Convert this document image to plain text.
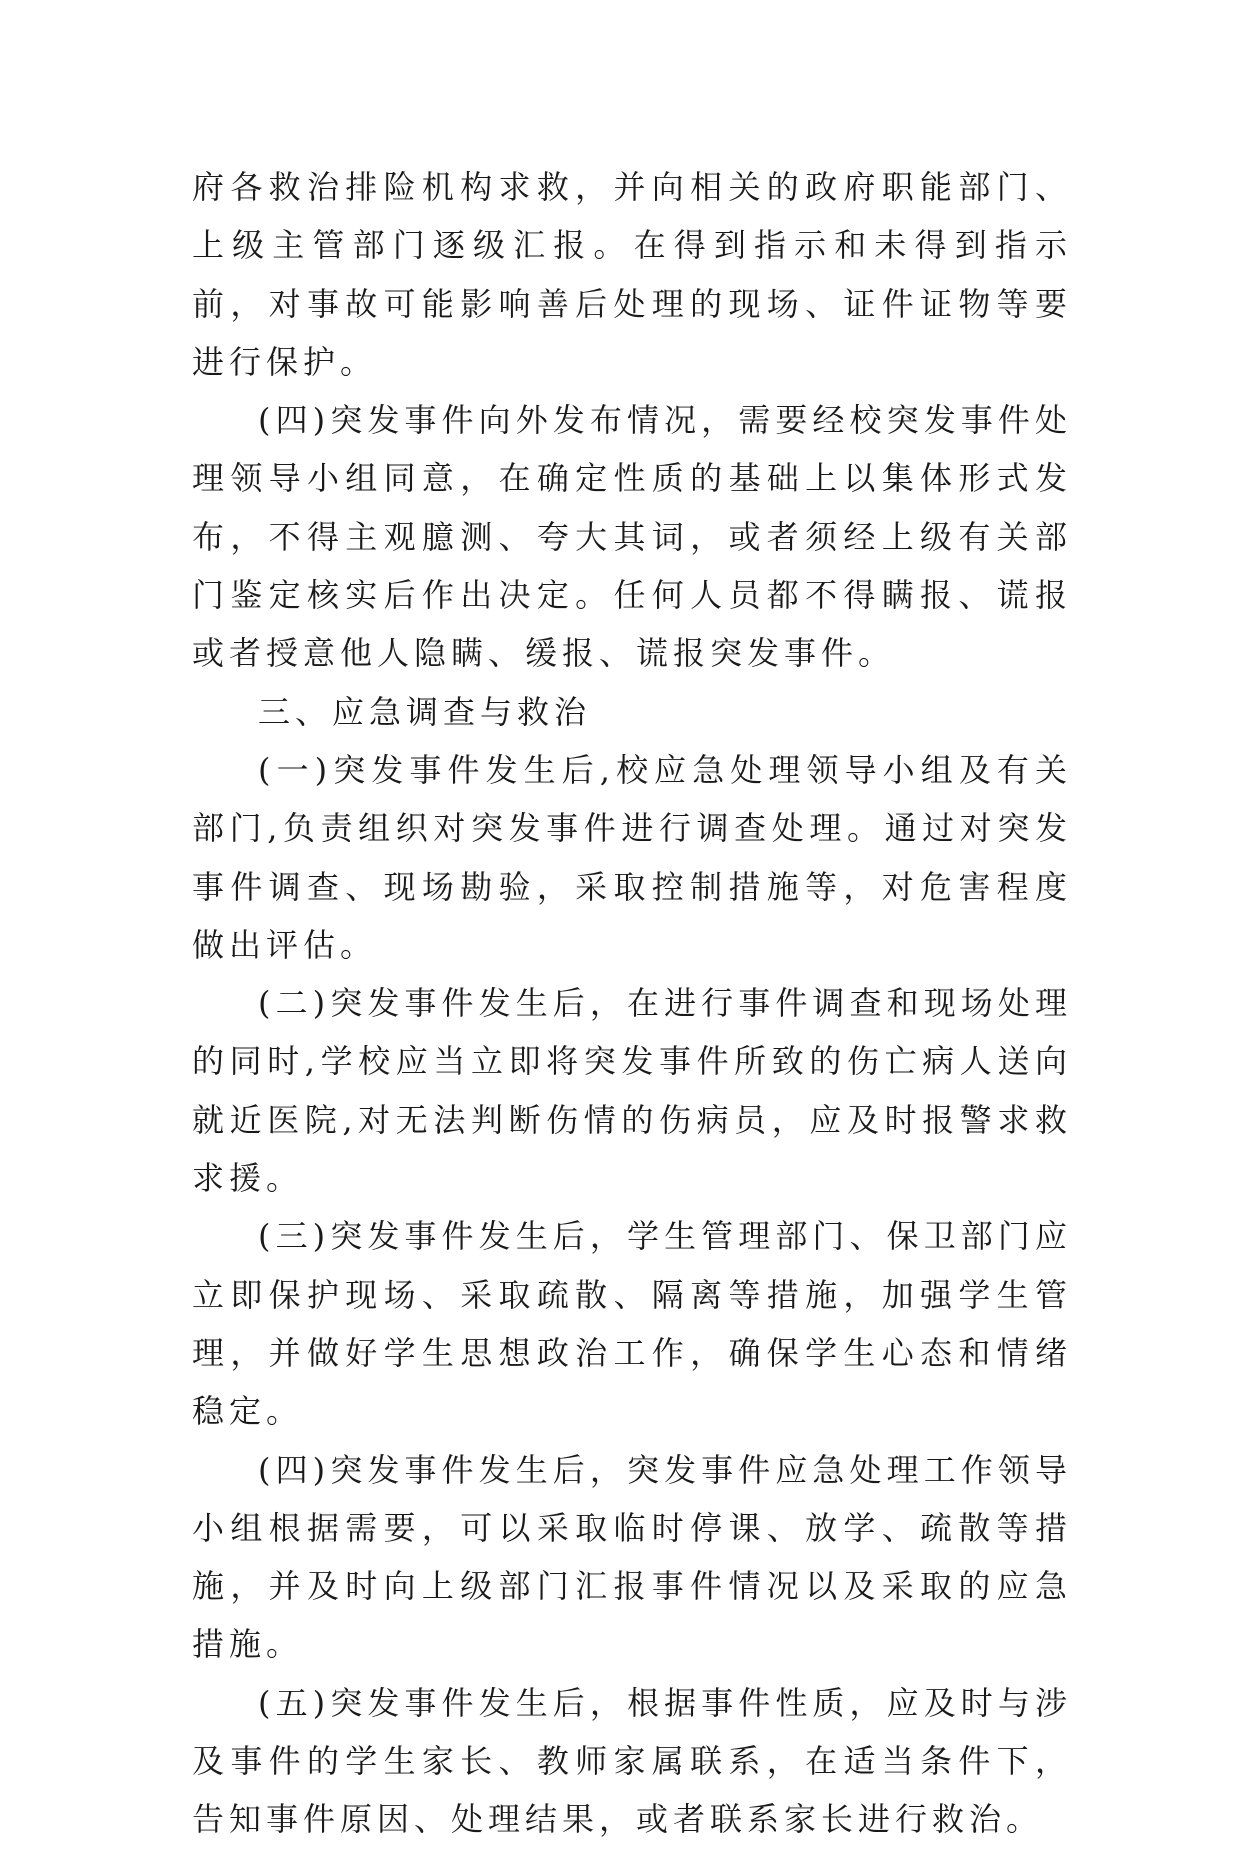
府各救治排险机构求救，并向相关的政府职能部门、上级主管部门逐级汇报。在得到指示和未得到指示前，对事故可能影响善后处理的现场、证件证物等要进行保护。

(四)突发事件向外发布情况，需要经校突发事件处理领导小组同意，在确定性质的基础上以集体形式发布，不得主观臆测、夸大其词，或者须经上级有关部门鉴定核实后作出决定。任何人员都不得瞒报、谎报或者授意他人隐瞒、缓报、谎报突发事件。

三、应急调查与救治

(一)突发事件发生后,校应急处理领导小组及有关部门,负责组织对突发事件进行调查处理。通过对突发事件调查、现场勘验，采取控制措施等，对危害程度做出评估。

(二)突发事件发生后，在进行事件调查和现场处理的同时,学校应当立即将突发事件所致的伤亡病人送向就近医院,对无法判断伤情的伤病员，应及时报警求救求援。

(三)突发事件发生后，学生管理部门、保卫部门应立即保护现场、采取疏散、隔离等措施，加强学生管理，并做好学生思想政治工作，确保学生心态和情绪稳定。

(四)突发事件发生后，突发事件应急处理工作领导小组根据需要，可以采取临时停课、放学、疏散等措施，并及时向上级部门汇报事件情况以及采取的应急措施。

(五)突发事件发生后，根据事件性质，应及时与涉及事件的学生家长、教师家属联系，在适当条件下，告知事件原因、处理结果，或者联系家长进行救治。
